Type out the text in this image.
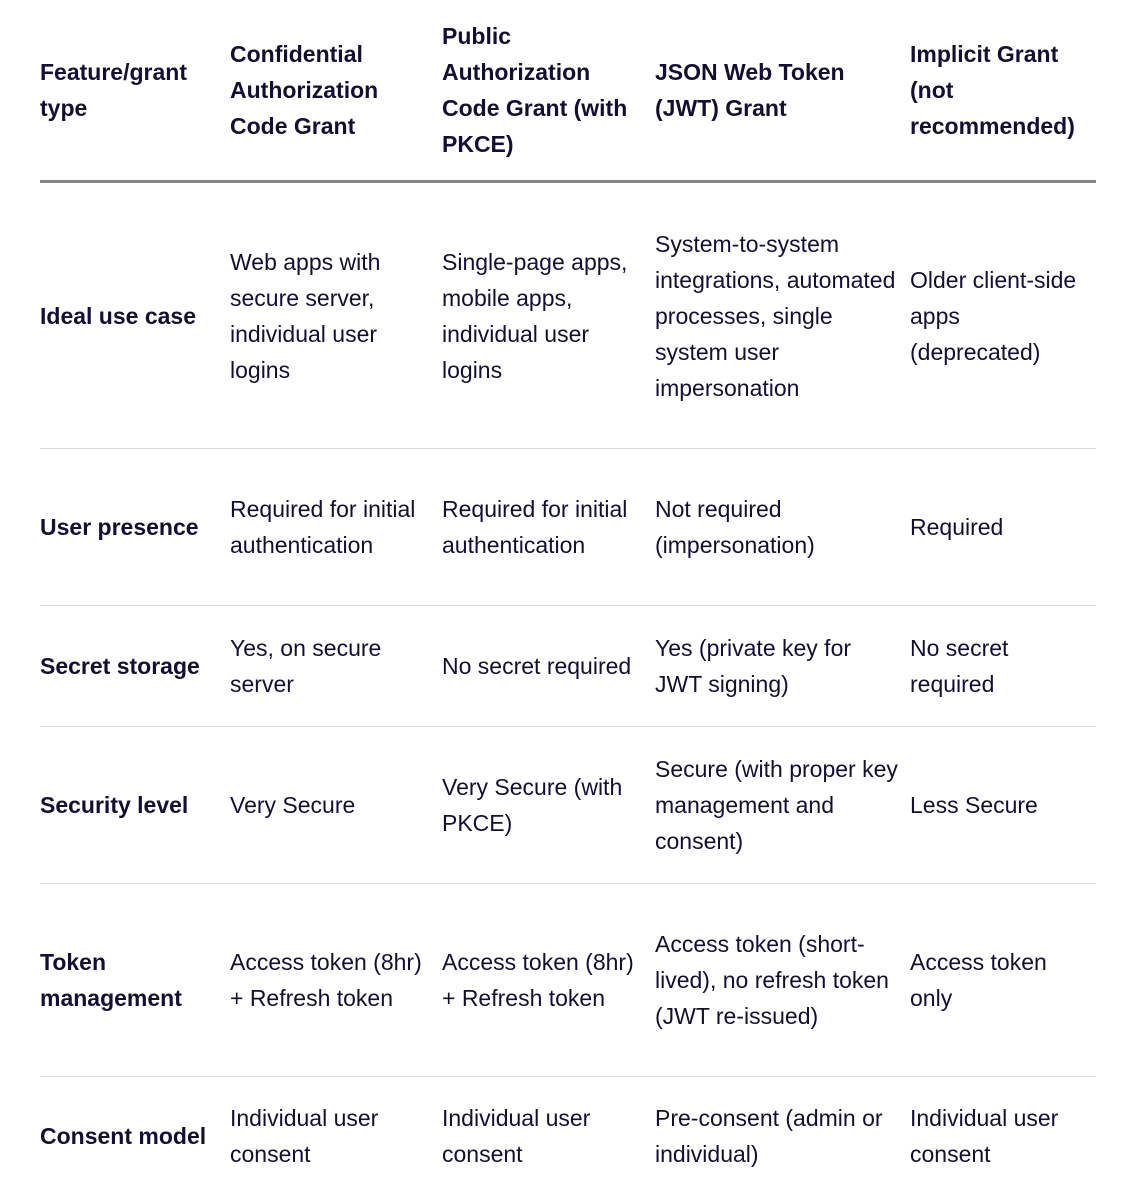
Feature/grant type	Confidential Authorization Code Grant	Public Authorization Code Grant (with PKCE)	JSON Web Token (JWT) Grant	Implicit Grant (not recommended)
Ideal use case	Web apps with secure server, individual user logins	Single-page apps, mobile apps, individual user logins	System-to-system integrations, automated processes, single system user impersonation	Older client-side apps (deprecated)
User presence	Required for initial authentication	Required for initial authentication	Not required (impersonation)	Required
Secret storage	Yes, on secure server	No secret required	Yes (private key for JWT signing)	No secret required
Security level	Very Secure	Very Secure (with PKCE)	Secure (with proper key management and consent)	Less Secure
Token management	Access token (8hr) + Refresh token	Access token (8hr) + Refresh token	Access token (short-lived), no refresh token (JWT re-issued)	Access token only
Consent model	Individual user consent	Individual user consent	Pre-consent (admin or individual)	Individual user consent
